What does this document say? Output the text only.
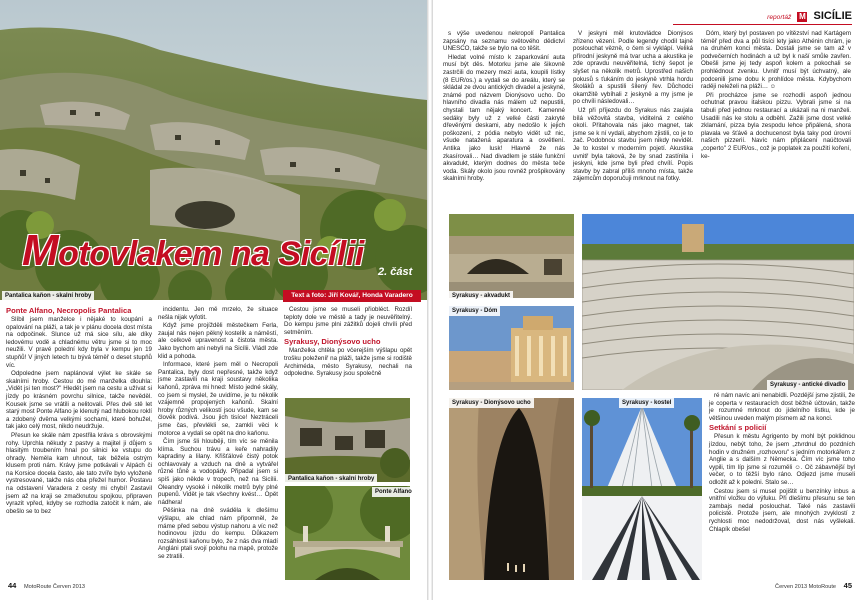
Motovlakem na Sicílii 2. část
Text a foto: Jiří Kovář, Honda Varadero
Pantalica kaňon - skalní hroby

Ponte Alfano, Necropolis Pantalica

Slíbil jsem manželce i nějaké to koupání a opalování na pláži, a tak je v plánu docela dost místa na odpočinek. Slunce už má sice sílu, ale díky ledovému vodě a chladnému větru jsme si to moc neužili. V pravé polední kdy byla v kempu jen 19 stupňů! V jiných letech tu bývá téměř o deset stupňů víc.

Odpoledne jsem naplánoval výlet ke skále se skalními hroby. Cestou do mé manželka dlouhla: „Vidět jsi ten most?" Hledět jsem na cestu a užívat si jízdy po krásném povrchu silnice, takže nevěděl. Kousek jsme se vrátili a nelitovali. Přes dvě stě let starý most Ponte Alfano je klenutý nad hlubokou roklí a zdobený dvěma velkými sochami, které bohužel, tak jako celý most, nikdo neudržuje.

Přesun ke skále nám zpestřila kráva s obrovskými rohy. Uprchla někudy z pastvy a majitel ji důjem s hlasitým troubením hnal po silnici ke vstupu do ohrady. Neměla kam uhnout, tak běžela ostrým klusem proti nám. Krávy jsme potkávali v Alpách či na Korsice docela často, ale tato zvíře bylo vyloženě vystresované, takže nás oba přežel humor. Postavu na odstavení Varadera z cesty mi chybí! Zastavil jsem až na kraji se zmačknutou spojkou, připraven vyrazit vpřed, kdyby se rozhodla zatočit k nám, ale obešlo se to bez

incidentu. Jen mě mrzelo, že situace nešla nijak vyfotit.

Když jsme projížděli městečkem Ferla, zaujal nás nejen pěkný kostelík a náměstí, ale celkově upravenost a čistota města. Jako bychom ani nebyli na Sicílii. Vládl zde klid a pohoda.

Informace, které jsem měl o Necropoli Pantalica, byly dost nepřesné, takže když jsme zastavili na kraji soustavy několika kaňonů, zpráva mi hned: Místo jedné skály, co jsem si myslel, že uvidíme, je tu několik vzájemně propojených kaňonů. Skalní hroby různých velikostí jsou všude, kam se člověk podívá. Jsou jich tisíce! Neztráceli jsme čas, převlékli se, zamkli věci k motorce a vydali se opět na dno kaňonu.

Čím jsme šli hlouběji, tím víc se měnila klíma. Suchou trávu a keře nahradily kapradiny a lilany. Křišťálové čistý potok ochlavovaly a vzduch na dně a vytvářel různé tůně a vodopády. Připadal jsem si spíš jako někde v tropech, než na Sicílii. Oleandry vysoké i několik metrů byly plné pupenů. Vidět je tak všechny kvést… Opět nádhera!

Pěšinka na dně sváděla k dlešímu výšlapu, ale chlad nám připomněl, že máme před sebou výstup nahoru a víc než hodinovou jízdu do kempu. Důkazem rozsáhlosti kaňonu bylo, že z nás dva mladí Angláni ptali svojí polohu na mapě, protože se ztratili.

Cestou jsme se museli přiobléct. Rozdíl teploty dole ve městě a tady je neuvěřitelný. Do kempu jsme plni zážitků dojeli chvíli před setměním.

Syrakusy, Dionýsovo ucho

Manželka chtěla po včerejším výšlapu opět trošku poleženíř na pláži, takže jsme si rodiště Archiméda, město Syrakusy, nechali na odpoledne. Syrakusy jsou společně

Pantalica kaňon - skalní hroby
Ponte Alfano
44 MotoRoute Červen 2013
reportáž M SICÍLIE

s výše uvedenou nekropolí Pantalica zapsány na seznamu světového dědictví UNESCO, takže se bylo na co těšit.

Hledat volné místo k zaparkování auta musí být děs. Motorku jsme ale šikovně zastrčili do mezery mezi auta, koupili lístky (8 EUR/os.) a vydali se do areálu, který se skládal ze dvou antických divadel a jeskyně, známé pod názvem Dionýsovo ucho. Do hlavního divadla nás málem už nepustili, chystali tam nějaký koncert. Kamenné sedáky byly už z velké části zakryté dřevěnými deskami, aby nedošlo k jejich poškození, z pódia nebylo vidět už nic, všude natažená aparatura a osvětlení. Antika jako lusk! Hlavně že nás zkasírovali… Nad divadlem je stále funkční akvadukt, kterým dodnes do města teče voda. Skály okolo jsou rovněž prošpikovány skalními hroby.

V jeskyni měl krutovládce Dionýsos zřízeno vězení. Podle legendy chodil tajně poslouchat vězně, o čem si vyklápí. Veliká přírodní jeskyně má tvar ucha a akustika je zde opravdu neuvěřitelná, tichý šepot je slyšet na několik metrů. Uprostřed našich pokusů s ťukáním do jeskyně vtrhla hordu školáků a spustili šílený řev. Důchodci okamžitě vybíhali z jeskyně a my jsme je po chvíli následovali…

Už při příjezdu do Syrakus nás zaujala bílá věžovitá stavba, viditelná z celého okolí. Přitahovala nás jako magnet, tak jsme se k ní vydali, abychom zjistili, co je to zač. Podobnou stavbu jsem nikdy neviděl. Je to kostel v moderním pojetí. Akustika uvnitř byla taková, že by snad zastínila i jeskyni, kde jsme byli před chvílí. Popis stavby by zabral příliš mnoho místa, takže zájemcům doporučuji mrknout na fotky.

Dóm, který byl postaven po vítězství nad Kartágem téměř před dva a půl tisíci lety jako Athénin chrám, je na druhém konci města. Dostali jsme se tam až v podvečerních hodinách a už byl k naší smůle zavřen. Obešli jsme jej tedy aspoň kolem a pokochali se prohlédnout zvenku. Uvnitř musí být úchvatný, ale podcenili jsme dobu k prohlídce města. Kdybychom raději neleželi na pláži… ☺

Při procházce jsme se rozhodli aspoň jednou ochutnat pravou italskou pizzu. Vybrali jsme si na tabuli před jednou restaurací a ukázali na ni manželi. Usadili nás ke stolu a odběhl. Zažili jsme dost velké zklamání, pizza byla zespodu lehce připálená, shora plavala ve šťávě a dochucenost byla taky pod úrovní našich pizzerií. Navíc nám připlácení naúčtovali „coperto" 2 EUR/os., což je poplatek za použití koření, ke-

Syrakusy - akvadukt
Syrakusy - Dóm
Syrakusy - Dionýsovo ucho
Syrakusy - antické divadlo
Syrakusy - kostel

ré nám navíc ani nenabídli. Pozdější jsme zjistili, že je coperta v restauracích dost běžně účtován, takže je rozumné mrknout do jídelního lístku, kde je většinou uveden malým písmem až na konci.

Setkání s policií

Přesun k městu Agrigento by mohl být poklidnou jízdou, nebýt toho, že jsem „ztvrdnul do pozdních hodin v družném „rozhovoru" s jedním motorkářem z Anglie a s dalším z Německa. Čím víc jsme toho vypili, tím líp jsme si rozuměli ☺. Oč zábavnější byl večer, o to těžší bylo ráno. Odjezd jsme museli odložit až k poledni. Stalo se…

Cestou jsem si musel pojištit u benzínky inbus a vnitřní vložku do výfuku. Při dlešímu přesunu se ten zambajs nedal poslouchat. Také nás zastavili policisté. Protože jsem, ale mnohých zvyklostí z rychlosti moc nedodržoval, dost nás vyšlekali. Chlapík obešel

Červen 2013 MotoRoute 45
